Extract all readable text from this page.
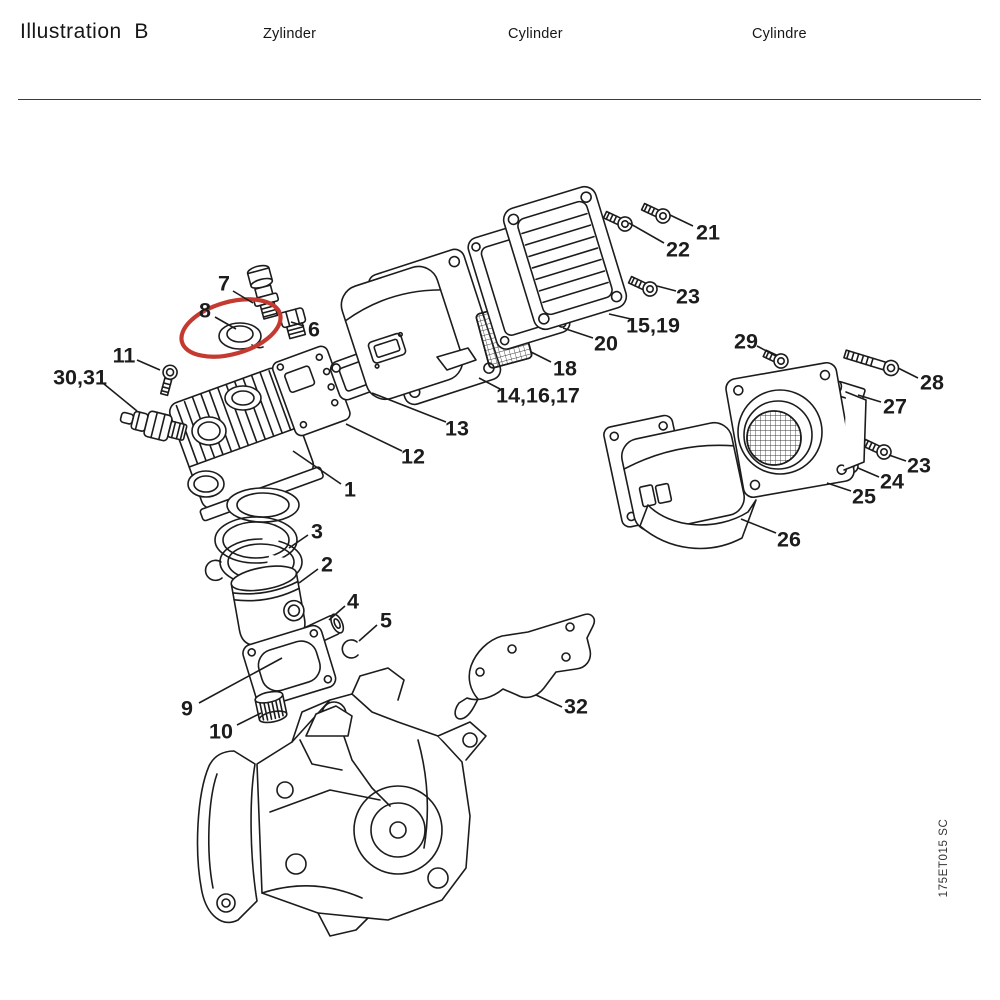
Illustration  B	Zylinder	Cylinder	Cylindre
175ET015 SC
7
8
6
11
30,31
1
12
13
14,16,17
18
20
15,19
22
21
23
29
28
27
23
24
25
26
3
2
4
5
9
10
32
